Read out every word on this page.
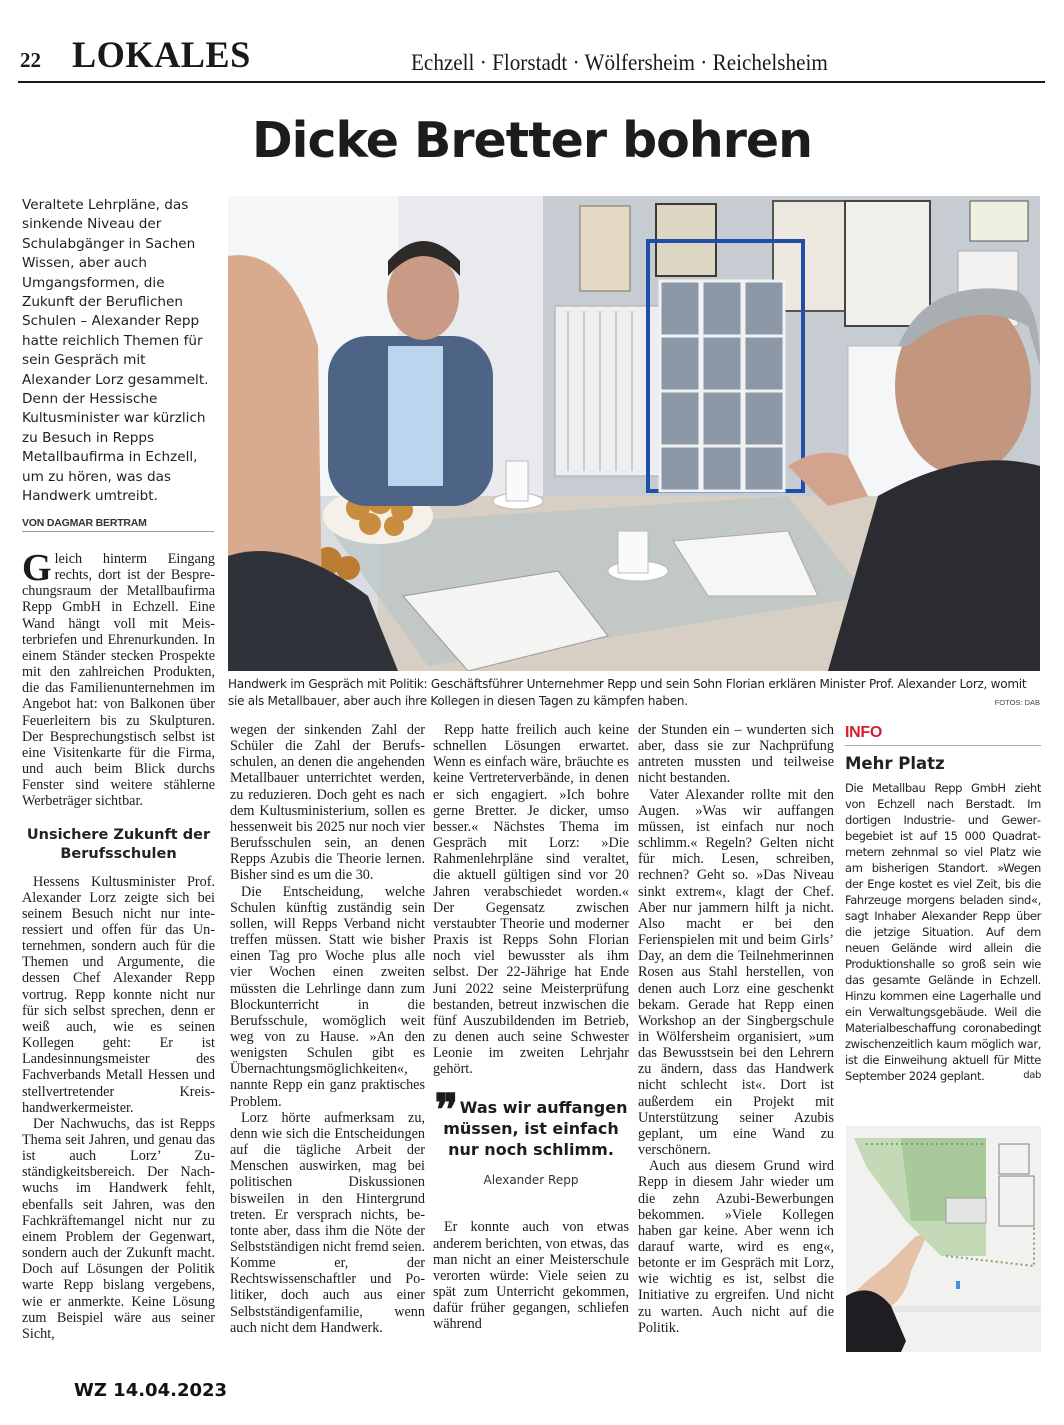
22 LOKALES	Echzell · Florstadt · Wölfersheim · Reichelsheim
Dicke Bretter bohren
Veraltete Lehrpläne, das sinkende Niveau der Schulabgänger in Sachen Wissen, aber auch Umgangsformen, die Zukunft der Beruflichen Schulen – Alexander Repp hatte reichlich Themen für sein Gespräch mit Alexander Lorz gesammelt. Denn der Hessische Kultusminister war kürzlich zu Besuch in Repps Metallbaufirma in Echzell, um zu hören, was das Handwerk umtreibt.
VON DAGMAR BERTRAM
Handwerk im Gespräch mit Politik: Geschäftsführer Unternehmer Repp und sein Sohn Florian erklären Minister Prof. Alexander Lorz, womit sie als Metallbauer, aber auch ihre Kollegen in diesen Tagen zu kämpfen haben.	FOTOS: DAB

Gleich hinterm Eingang rechts, dort ist der Besprechungsraum der Metallbaufirma Repp GmbH in Echzell. Eine Wand hängt voll mit Meisterbriefen und Ehrenurkunden. In einem Ständer stecken Prospekte mit den zahlreichen Produkten, die das Familienunternehmen im Angebot hat: von Balkonen über Feuerleitern bis zu Skulpturen. Der Besprechungstisch selbst ist eine Visitenkarte für die Firma, und auch beim Blick durchs Fenster sind weitere stählerne Werbeträger sichtbar.

Unsichere Zukunft der Berufsschulen

Hessens Kultusminister Prof. Alexander Lorz zeigte sich bei seinem Besuch nicht nur interessiert und offen für das Unternehmen, sondern auch für die Themen und Argumente, die dessen Chef Alexander Repp vortrug. Repp konnte nicht nur für sich selbst sprechen, denn er weiß auch, wie es seinen Kollegen geht: Er ist Landesinnungsmeister des Fachverbands Metall Hessen und stellvertretender Kreishandwerkermeister.

Der Nachwuchs, das ist Repps Thema seit Jahren, und genau das ist auch Lorz’ Zuständigkeitsbereich. Der Nachwuchs im Handwerk fehlt, ebenfalls seit Jahren, was den Fachkräftemangel nicht nur zu einem Problem der Gegenwart, sondern auch der Zukunft macht. Doch auf Lösungen der Politik warte Repp bislang vergebens, wie er anmerkte. Keine Lösung zum Beispiel wäre aus seiner Sicht,

wegen der sinkenden Zahl der Schüler die Zahl der Berufsschulen, an denen die angehenden Metallbauer unterrichtet werden, zu reduzieren. Doch geht es nach dem Kultusministerium, sollen es hessenweit bis 2025 nur noch vier Berufsschulen sein, an denen Repps Azubis die Theorie lernen. Bisher sind es um die 30.

Die Entscheidung, welche Schulen künftig zuständig sein sollen, will Repps Verband nicht treffen müssen. Statt wie bisher einen Tag pro Woche plus alle vier Wochen einen zweiten müssten die Lehrlinge dann zum Blockunterricht in die Berufsschule, womöglich weit weg von zu Hause. »An den wenigsten Schulen gibt es Übernachtungsmöglichkeiten«, nannte Repp ein ganz praktisches Problem.

Lorz hörte aufmerksam zu, denn wie sich die Entscheidungen auf die tägliche Arbeit der Menschen auswirken, mag bei politischen Diskussionen bisweilen in den Hintergrund treten. Er versprach nichts, betonte aber, dass ihm die Nöte der Selbstständigen nicht fremd seien. Komme er, der Rechtswissenschaftler und Politiker, doch auch aus einer Selbstständigenfamilie, wenn auch nicht dem Handwerk.

Repp hatte freilich auch keine schnellen Lösungen erwartet. Wenn es einfach wäre, bräuchte es keine Vertreterverbände, in denen er sich engagiert. »Ich bohre gerne Bretter. Je dicker, umso besser.« Nächstes Thema im Gespräch mit Lorz: »Die Rahmenlehrpläne sind veraltet, die aktuell gültigen sind vor 20 Jahren verabschiedet worden.« Der Gegensatz zwischen verstaubter Theorie und moderner Praxis ist Repps Sohn Florian noch viel bewusster als ihm selbst. Der 22-Jährige hat Ende Juni 2022 seine Meisterprüfung bestanden, betreut inzwischen die fünf Auszubildenden im Betrieb, zu denen auch seine Schwester Leonie im zweiten Lehrjahr gehört.

❞ Was wir auffangen müssen, ist einfach nur noch schlimm.
Alexander Repp

Er konnte auch von etwas anderem berichten, von etwas, das man nicht an einer Meisterschule verorten würde: Viele seien zu spät zum Unterricht gekommen, dafür früher gegangen, schliefen während

der Stunden ein – wunderten sich aber, dass sie zur Nachprüfung antreten mussten und teilweise nicht bestanden.

Vater Alexander rollte mit den Augen. »Was wir auffangen müssen, ist einfach nur noch schlimm.« Regeln? Gelten nicht für mich. Lesen, schreiben, rechnen? Geht so. »Das Niveau sinkt extrem«, klagt der Chef. Aber nur jammern hilft ja nicht. Also macht er bei den Ferienspielen mit und beim Girls’ Day, an dem die Teilnehmerinnen Rosen aus Stahl herstellen, von denen auch Lorz eine geschenkt bekam. Gerade hat Repp einen Workshop an der Singbergschule in Wölfersheim organisiert, »um das Bewusstsein bei den Lehrern zu ändern, dass das Handwerk nicht schlecht ist«. Dort ist außerdem ein Projekt mit Unterstützung seiner Azubis geplant, um eine Wand zu verschönern.

Auch aus diesem Grund wird Repp in diesem Jahr wieder um die zehn Azubi-Bewerbungen bekommen. »Viele Kollegen haben gar keine. Aber wenn ich darauf warte, wird es eng«, betonte er im Gespräch mit Lorz, wie wichtig es ist, selbst die Initiative zu ergreifen. Und nicht zu warten. Auch nicht auf die Politik.

INFO
Mehr Platz
Die Metallbau Repp GmbH zieht von Echzell nach Berstadt. Im dortigen Industrie- und Gewerbegebiet ist auf 15 000 Quadratmetern zehnmal so viel Platz wie am bisherigen Standort. »Wegen der Enge kostet es viel Zeit, bis die Fahrzeuge morgens beladen sind«, sagt Inhaber Alexander Repp über die jetzige Situation. Auf dem neuen Gelände wird allein die Produktionshalle so groß sein wie das gesamte Gelände in Echzell. Hinzu kommen eine Lagerhalle und ein Verwaltungsgebäude. Weil die Materialbeschaffung coronabedingt zwischenzeitlich kaum möglich war, ist die Einweihung aktuell für Mitte September 2024 geplant.	dab
WZ 14.04.2023
